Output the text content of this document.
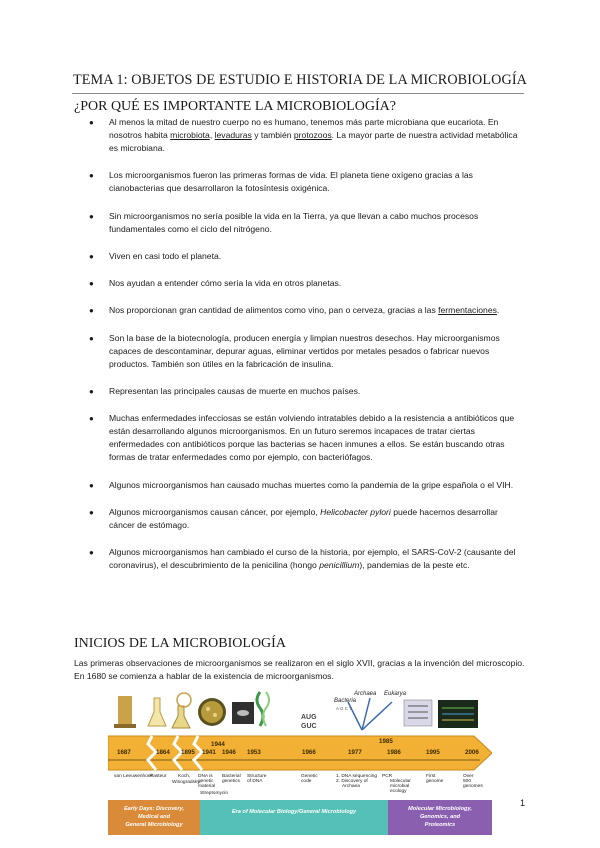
TEMA 1: OBJETOS DE ESTUDIO E HISTORIA DE LA MICROBIOLOGÍA
¿POR QUÉ ES IMPORTANTE LA MICROBIOLOGÍA?
● Al menos la mitad de nuestro cuerpo no es humano, tenemos más parte microbiana que eucariota. En nosotros habita microbiota, levaduras y también protozoos. La mayor parte de nuestra actividad metabólica es microbiana.
● Los microorganismos fueron las primeras formas de vida. El planeta tiene oxígeno gracias a las cianobacterias que desarrollaron la fotosíntesis oxigénica.
● Sin microorganismos no sería posible la vida en la Tierra, ya que llevan a cabo muchos procesos fundamentales como el ciclo del nitrógeno.
● Viven en casi todo el planeta.
● Nos ayudan a entender cómo sería la vida en otros planetas.
● Nos proporcionan gran cantidad de alimentos como vino, pan o cerveza, gracias a las fermentaciones.
● Son la base de la biotecnología, producen energía y limpian nuestros desechos. Hay microorganismos capaces de descontaminar, depurar aguas, eliminar vertidos por metales pesados o fabricar nuevos productos. También son útiles en la fabricación de insulina.
● Representan las principales causas de muerte en muchos países.
● Muchas enfermedades infecciosas se están volviendo intratables debido a la resistencia a antibióticos que están desarrollando algunos microorganismos. En un futuro seremos incapaces de tratar ciertas enfermedades con antibióticos porque las bacterias se hacen inmunes a ellos. Se están buscando otras formas de tratar enfermedades como por ejemplo, con bacteriófagos.
● Algunos microorganismos han causado muchas muertes como la pandemia de la gripe española o el VIH.
● Algunos microorganismos causan cáncer, por ejemplo, Helicobacter pylori puede hacernos desarrollar cáncer de estómago.
● Algunos microorganismos han cambiado el curso de la historia, por ejemplo, el SARS-CoV-2 (causante del coronavirus), el descubrimiento de la penicilina (hongo penicillium), pandemias de la peste etc.
INICIOS DE LA MICROBIOLOGÍA
Las primeras observaciones de microorganismos se realizaron en el siglo XVII, gracias a la invención del microscopio. En 1680 se comienza a hablar de la existencia de microorganismos.
AUG
GUC
Bacteria
Archaea Eukarya
A G C T
1687	1864 1895 1941
1944
1946 1953	1966	1977
1985
1986	1995	2006
van Leeuwenhoek
Pasteur Koch,
Winogradsky
DNA is
genetic
material
Streptomycin
Bacterial
genetics
Structure
of DNA
Genetic
code
1. DNA sequencing
2. Discovery of
Archaea
PCR
Molecular
microbial
ecology
First
genome
Over
500
genomes
Early Days: Discovery,
Medical and
General Microbiology
Era of Molecular Biology/General Microbiology	Molecular Microbiology,
Genomics, and
Proteomics
1
